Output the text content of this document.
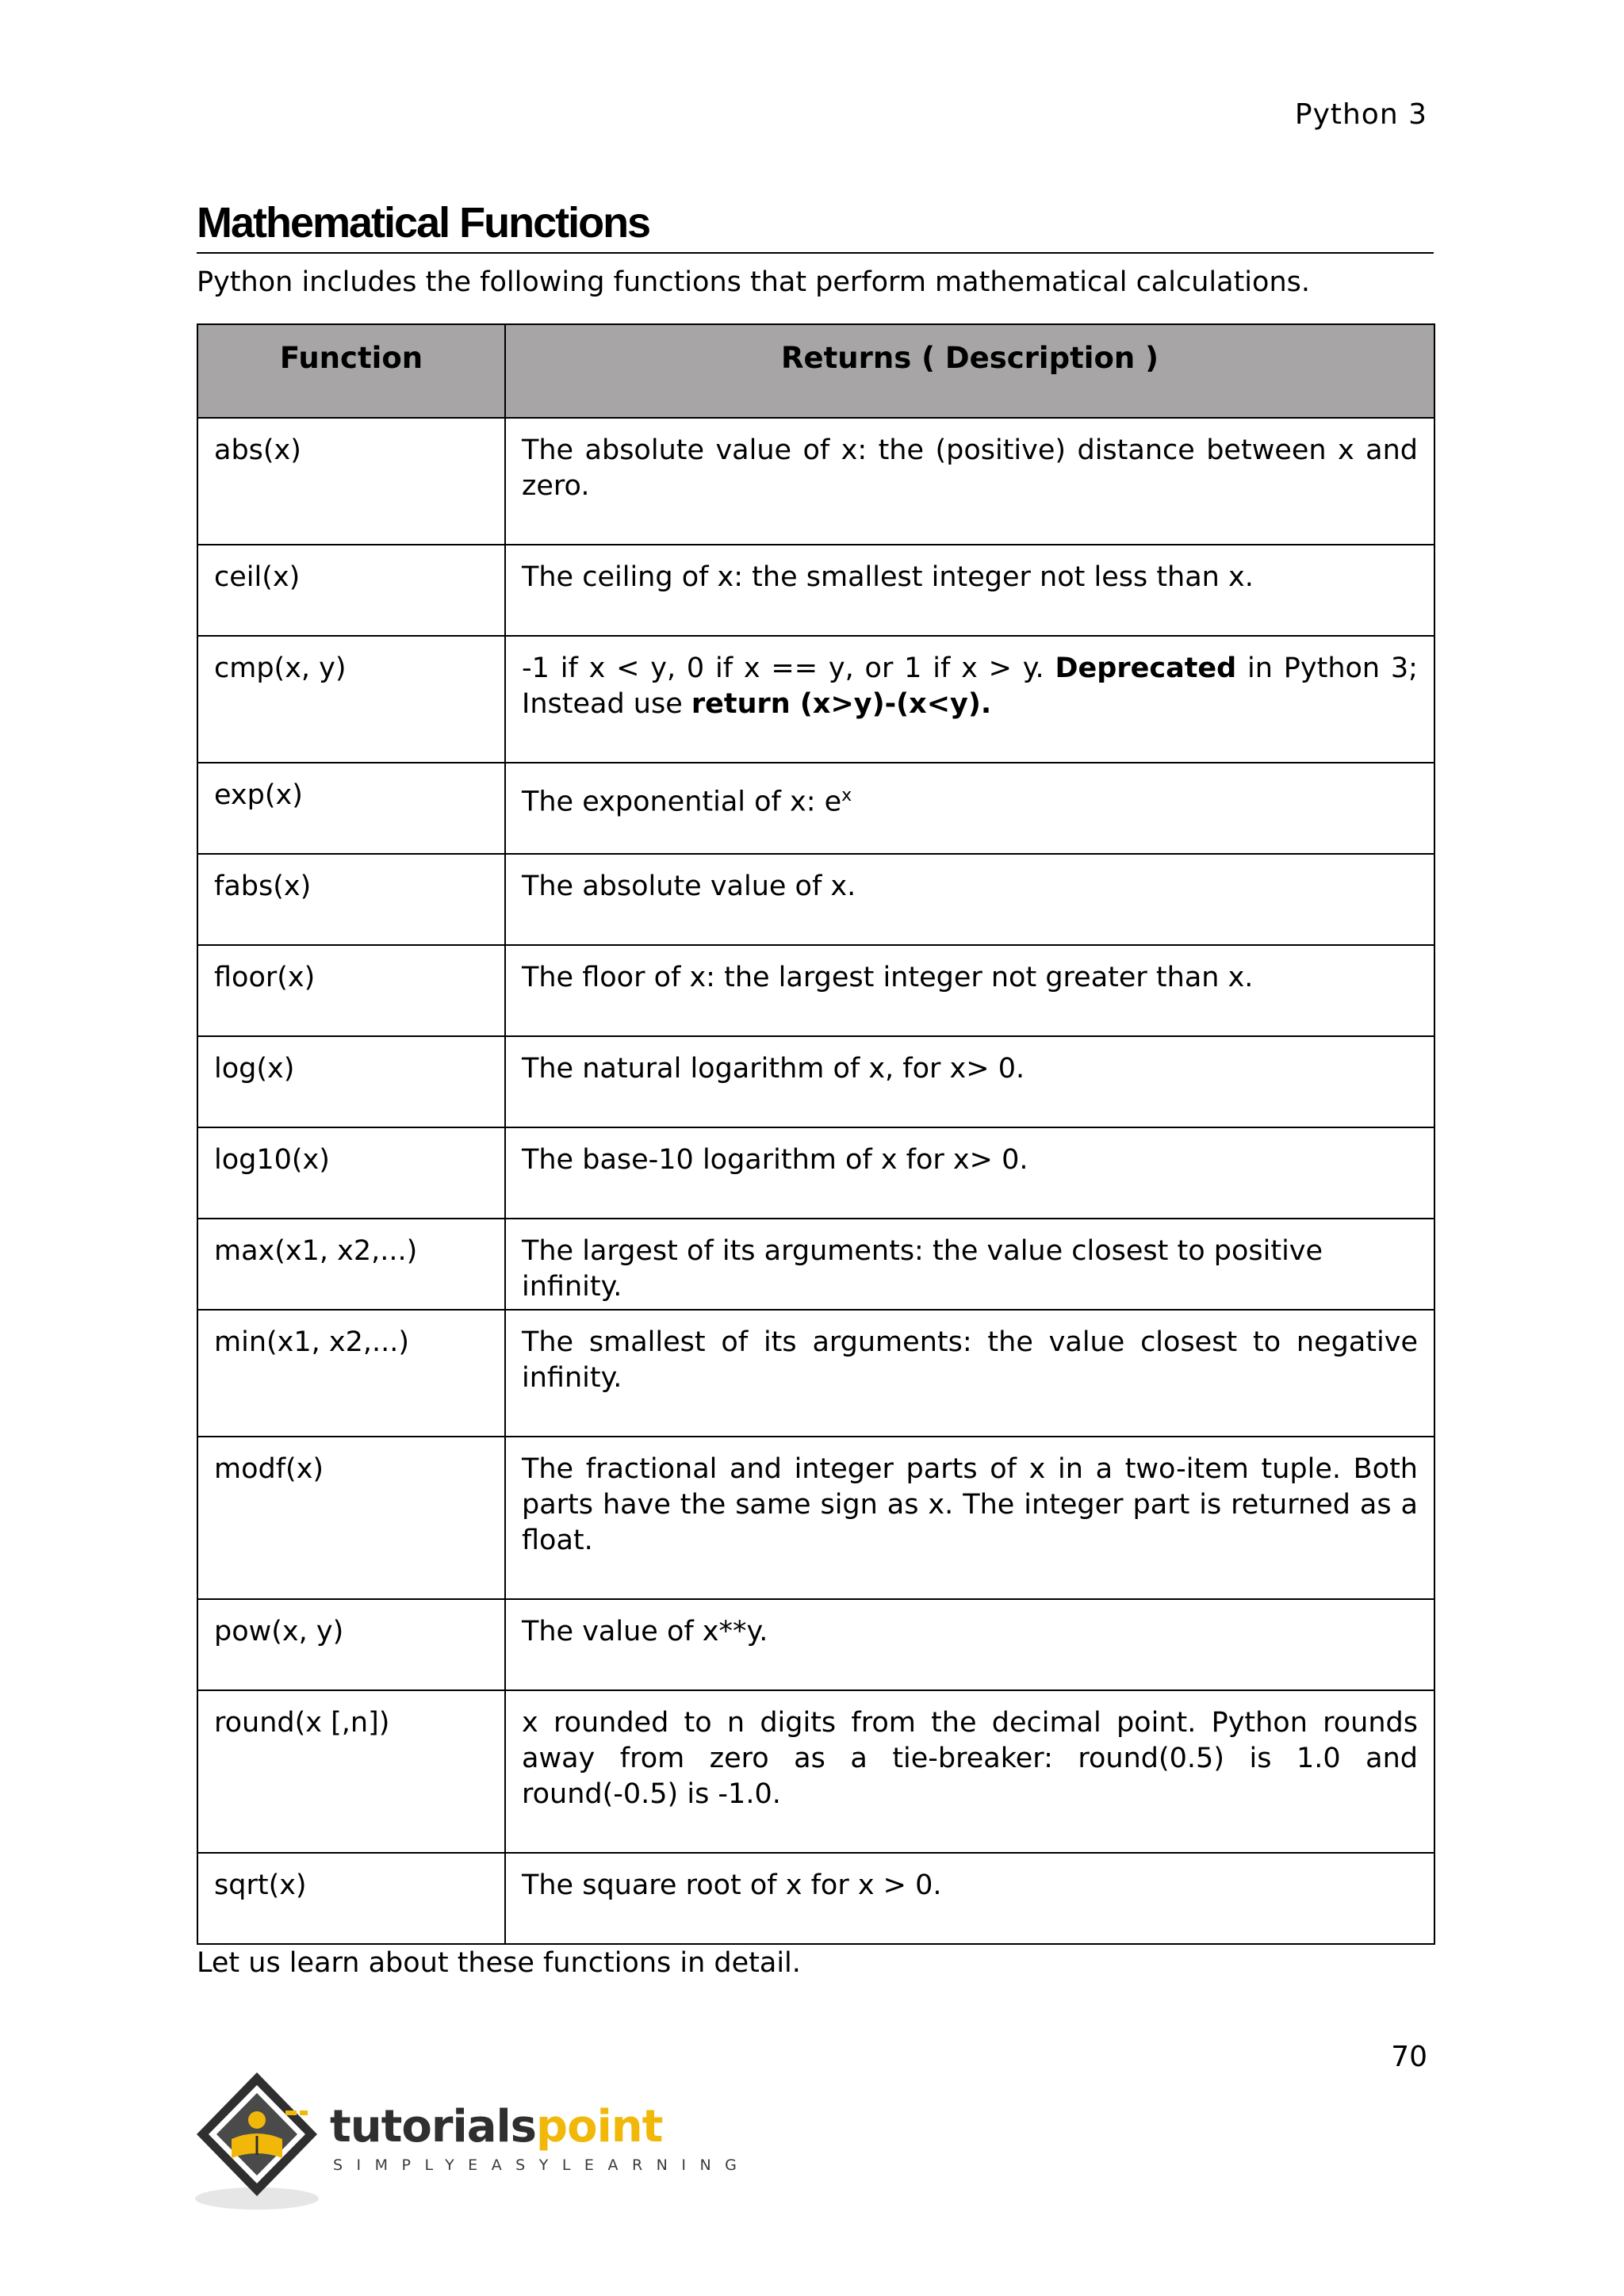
Python 3
Mathematical Functions
Python includes the following functions that perform mathematical calculations.
Function	Returns ( Description )
abs(x)	The absolute value of x: the (positive) distance between x and zero.
ceil(x)	The ceiling of x: the smallest integer not less than x.
cmp(x, y)	-1 if x < y, 0 if x == y, or 1 if x > y. Deprecated in Python 3; Instead use return (x>y)-(x<y).
exp(x)	The exponential of x: $e^x$
fabs(x)	The absolute value of x.
floor(x)	The floor of x: the largest integer not greater than x.
log(x)	The natural logarithm of x, for x> 0.
log10(x)	The base-10 logarithm of x for x> 0.
max(x1, x2,...)	The largest of its arguments: the value closest to positive infinity.
min(x1, x2,...)	The smallest of its arguments: the value closest to negative infinity.
modf(x)	The fractional and integer parts of x in a two-item tuple. Both parts have the same sign as x. The integer part is returned as a float.
pow(x, y)	The value of x**y.
round(x [,n])	x rounded to n digits from the decimal point. Python rounds away from zero as a tie-breaker: round(0.5) is 1.0 and round(-0.5) is -1.0.
sqrt(x)	The square root of x for x > 0.
Let us learn about these functions in detail.
70
tutorialspoint
SIMPLYEASYLEARNING
